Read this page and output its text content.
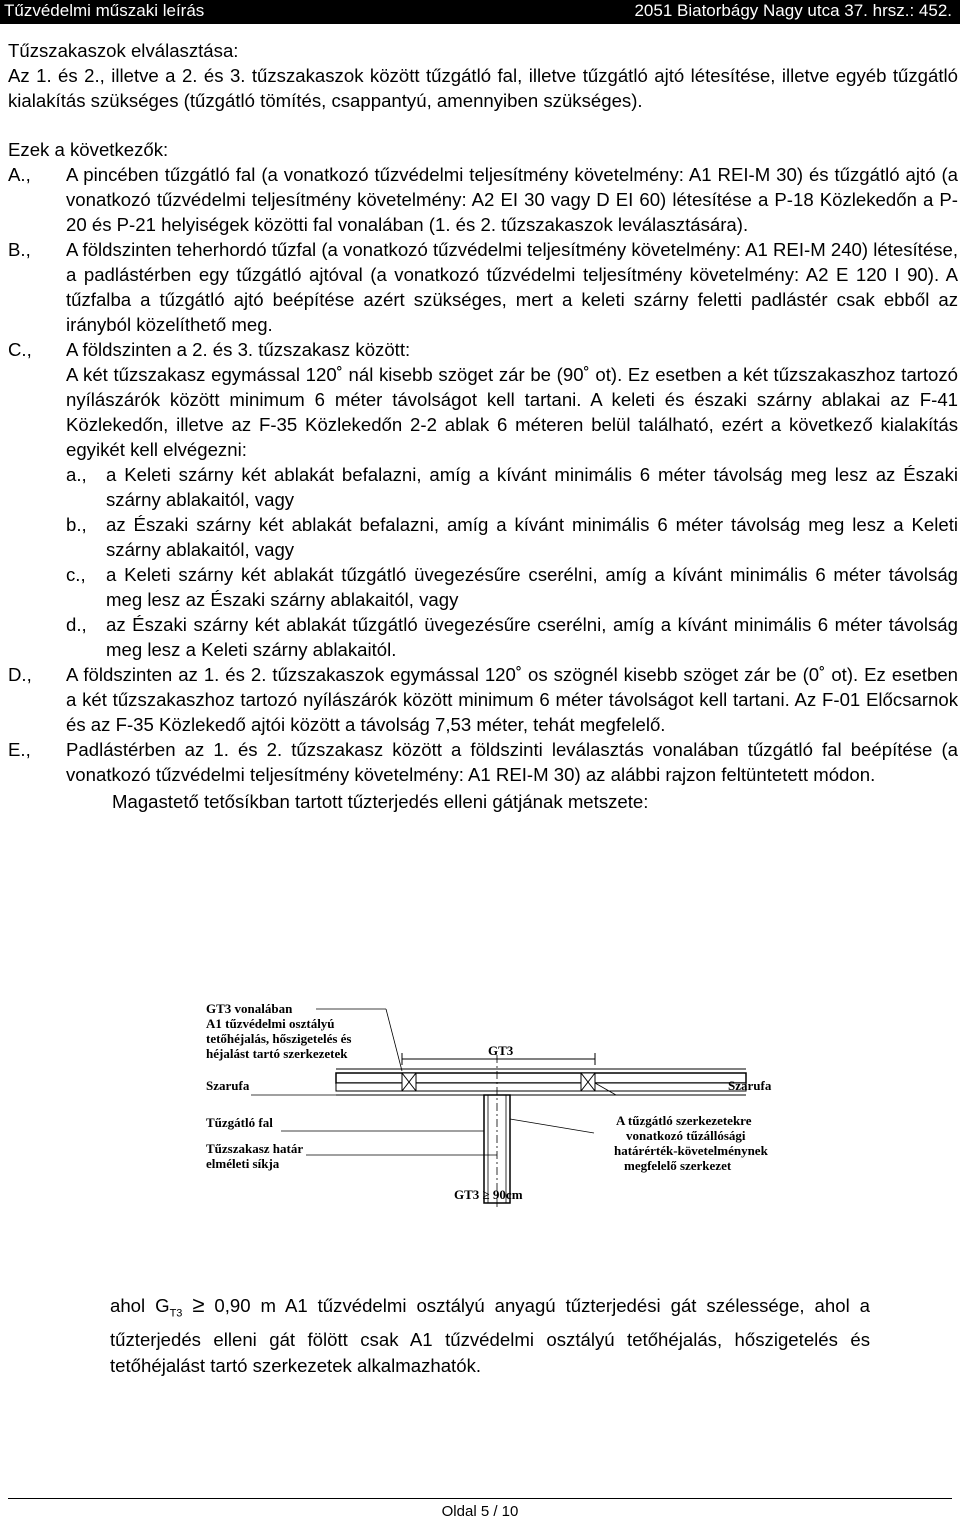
Tűzvédelmi műszaki leírás	2051 Biatorbágy Nagy utca 37. hrsz.: 452.

Tűzszakaszok elválasztása:

Az 1. és 2., illetve a 2. és 3. tűzszakaszok között tűzgátló fal, illetve tűzgátló ajtó létesítése, illetve egyéb tűzgátló kialakítás szükséges (tűzgátló tömítés, csappantyú, amennyiben szükséges).

Ezek a következők:

A., A pincében tűzgátló fal (a vonatkozó tűzvédelmi teljesítmény követelmény: A1 REI-M 30) és tűzgátló ajtó (a vonatkozó tűzvédelmi teljesítmény követelmény: A2 EI 30 vagy D EI 60) létesítése a P-18 Közlekedőn a P-20 és P-21 helyiségek közötti fal vonalában (1. és 2. tűzszakaszok leválasztására).
B., A földszinten teherhordó tűzfal (a vonatkozó tűzvédelmi teljesítmény követelmény: A1 REI-M 240) létesítése, a padlástérben egy tűzgátló ajtóval (a vonatkozó tűzvédelmi teljesítmény követelmény: A2 E 120 I 90). A tűzfalba a tűzgátló ajtó beépítése azért szükséges, mert a keleti szárny feletti padlástér csak ebből az irányból közelíthető meg.
C., A földszinten a 2. és 3. tűzszakasz között:
A két tűzszakasz egymással 120˚ nál kisebb szöget zár be (90˚ ot). Ez esetben a két tűzszakaszhoz tartozó nyílászárók között minimum 6 méter távolságot kell tartani. A keleti és északi szárny ablakai az F-41 Közlekedőn, illetve az F-35 Közlekedőn 2-2 ablak 6 méteren belül található, ezért a következő kialakítás egyikét kell elvégezni:
a., a Keleti szárny két ablakát befalazni, amíg a kívánt minimális 6 méter távolság meg lesz az Északi szárny ablakaitól, vagy
b., az Északi szárny két ablakát befalazni, amíg a kívánt minimális 6 méter távolság meg lesz a Keleti szárny ablakaitól, vagy
c., a Keleti szárny két ablakát tűzgátló üvegezésűre cserélni, amíg a kívánt minimális 6 méter távolság meg lesz az Északi szárny ablakaitól, vagy
d., az Északi szárny két ablakát tűzgátló üvegezésűre cserélni, amíg a kívánt minimális 6 méter távolság meg lesz a Keleti szárny ablakaitól.
D., A földszinten az 1. és 2. tűzszakaszok egymással 120˚ os szögnél kisebb szöget zár be (0˚ ot). Ez esetben a két tűzszakaszhoz tartozó nyílászárók között minimum 6 méter távolságot kell tartani. Az F-01 Előcsarnok és az F-35 Közlekedő ajtói között a távolság 7,53 méter, tehát megfelelő.
E., Padlástérben az 1. és 2. tűzszakasz között a földszinti leválasztás vonalában tűzgátló fal beépítése (a vonatkozó tűzvédelmi teljesítmény követelmény: A1 REI-M 30) az alábbi rajzon feltüntetett módon.

Magastető tetősíkban tartott tűzterjedés elleni gátjának metszete:

GT3 vonalában
A1 tűzvédelmi osztályú
tetőhéjalás, hőszigetelés és
héjalást tartó szerkezetek
Szarufa
Tűzgátló fal
Tűzszakasz határ
elméleti síkja
GT3
Szarufa
A tűzgátló szerkezetekre
vonatkozó tűzállósági
határérték-követelménynek
megfelelő szerkezet
GT3 ≥ 90cm
ahol $G_{T3} \ge 0,90$ m A1 tűzvédelmi osztályú anyagú tűzterjedési gát szélessége, ahol a tűzterjedés elleni gát fölött csak A1 tűzvédelmi osztályú tetőhéjalás, hőszigetelés és tetőhéjalást tartó szerkezetek alkalmazhatók.
Oldal 5 / 10
